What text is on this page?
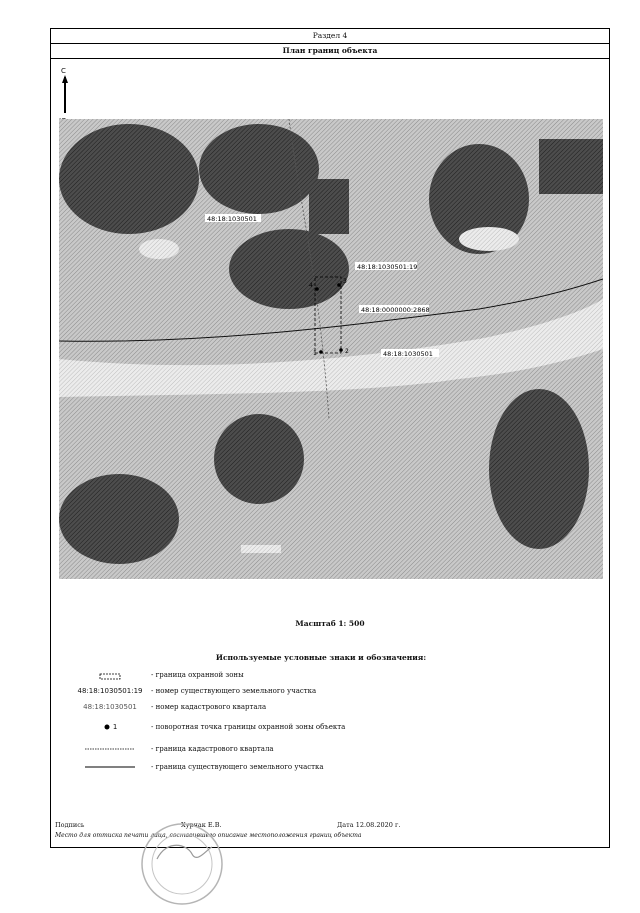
Раздел 4
План границ объекта
С
4
3
1	2
48:18:1030501
48:18:1030501:19
48:18:0000000:2868
48:18:1030501
Масштаб 1: 500
Используемые условные знаки и обозначения:
- граница охранной зоны
48:18:1030501:19	- номер существующего земельного участка
48:18:1030501	- номер кадастрового квартала
1	- поворотная точка границы охранной зоны объекта
- граница кадастрового квартала
- граница существующего земельного участка
Подпись	Хурчак Е.В.	Дата 12.08.2020 г.
Место для оттиска печати лица, составившего описание местоположения границ объекта
